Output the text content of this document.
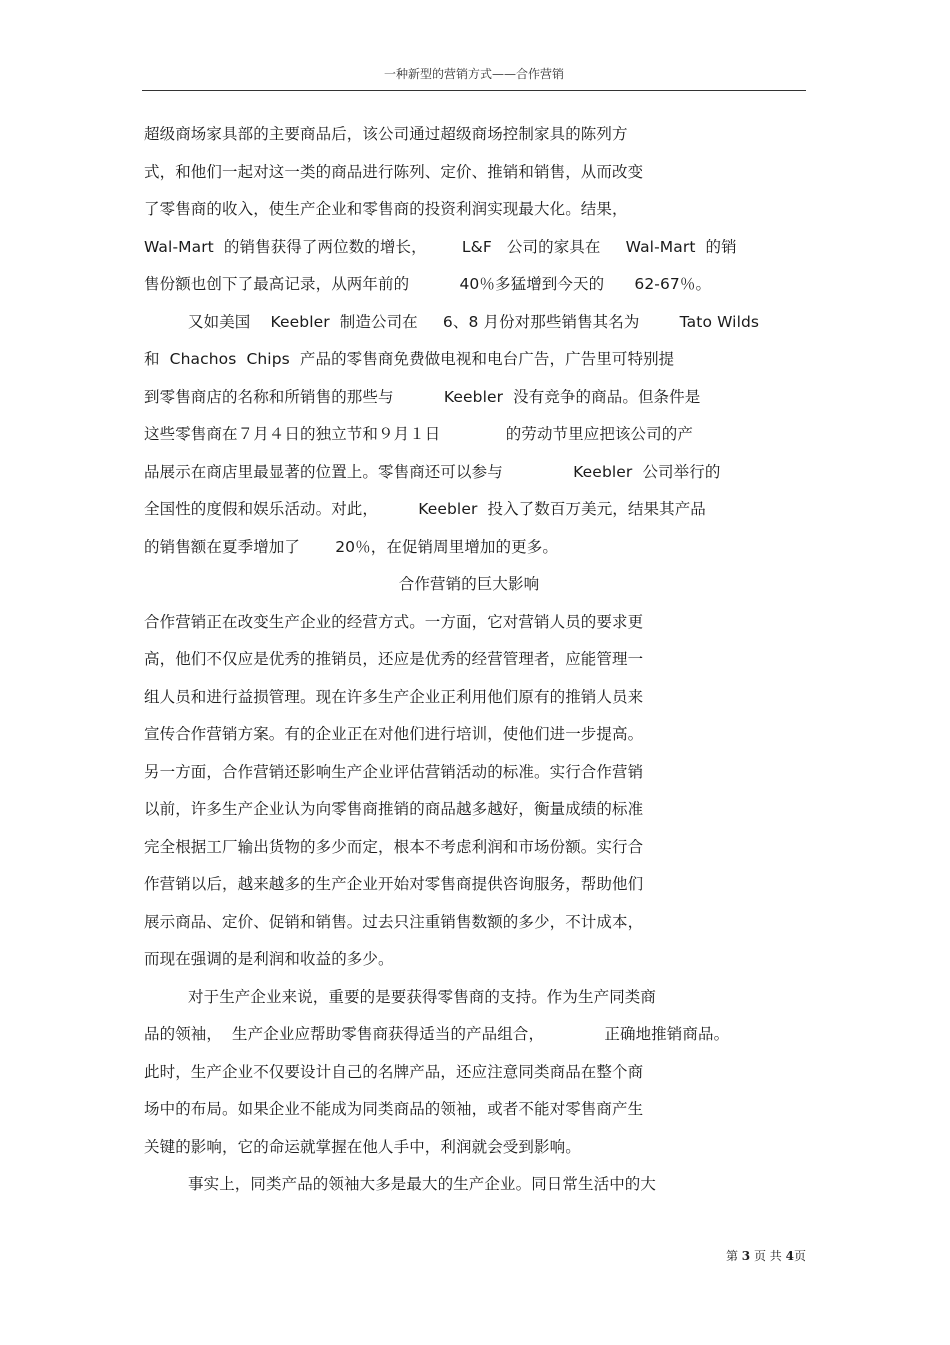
一种新型的营销方式——合作营销
超级商场家具部的主要商品后，该公司通过超级商场控制家具的陈列方
式，和他们一起对这一类的商品进行陈列、定价、推销和销售，从而改变
了零售商的收入，使生产企业和零售商的投资利润实现最大化。结果，
Wal-Mart  的销售获得了两位数的增长，       L&F   公司的家具在     Wal-Mart  的销
售份额也创下了最高记录，从两年前的          40％多猛增到今天的      62-67％。
又如美国    Keebler  制造公司在     6、8 月份对那些销售其名为        Tato Wilds
和  Chachos  Chips  产品的零售商免费做电视和电台广告，广告里可特别提
到零售商店的名称和所销售的那些与          Keebler  没有竞争的商品。但条件是
这些零售商在７月４日的独立节和９月１日             的劳动节里应把该公司的产
品展示在商店里最显著的位置上。零售商还可以参与              Keebler  公司举行的
全国性的度假和娱乐活动。对此，        Keebler  投入了数百万美元，结果其产品
的销售额在夏季增加了       20％，在促销周里增加的更多。
合作营销的巨大影响
合作营销正在改变生产企业的经营方式。一方面，它对营销人员的要求更
高，他们不仅应是优秀的推销员，还应是优秀的经营管理者，应能管理一
组人员和进行益损管理。现在许多生产企业正利用他们原有的推销人员来
宣传合作营销方案。有的企业正在对他们进行培训，使他们进一步提高。
另一方面，合作营销还影响生产企业评估营销活动的标准。实行合作营销
以前，许多生产企业认为向零售商推销的商品越多越好，衡量成绩的标准
完全根据工厂输出货物的多少而定，根本不考虑利润和市场份额。实行合
作营销以后，越来越多的生产企业开始对零售商提供咨询服务，帮助他们
展示商品、定价、促销和销售。过去只注重销售数额的多少，不计成本，
而现在强调的是利润和收益的多少。
对于生产企业来说，重要的是要获得零售商的支持。作为生产同类商
品的领袖，  生产企业应帮助零售商获得适当的产品组合，            正确地推销商品。
此时，生产企业不仅要设计自己的名牌产品，还应注意同类商品在整个商
场中的布局。如果企业不能成为同类商品的领袖，或者不能对零售商产生
关键的影响，它的命运就掌握在他人手中，利润就会受到影响。
事实上，同类产品的领袖大多是最大的生产企业。同日常生活中的大
第 3 页 共 4页
